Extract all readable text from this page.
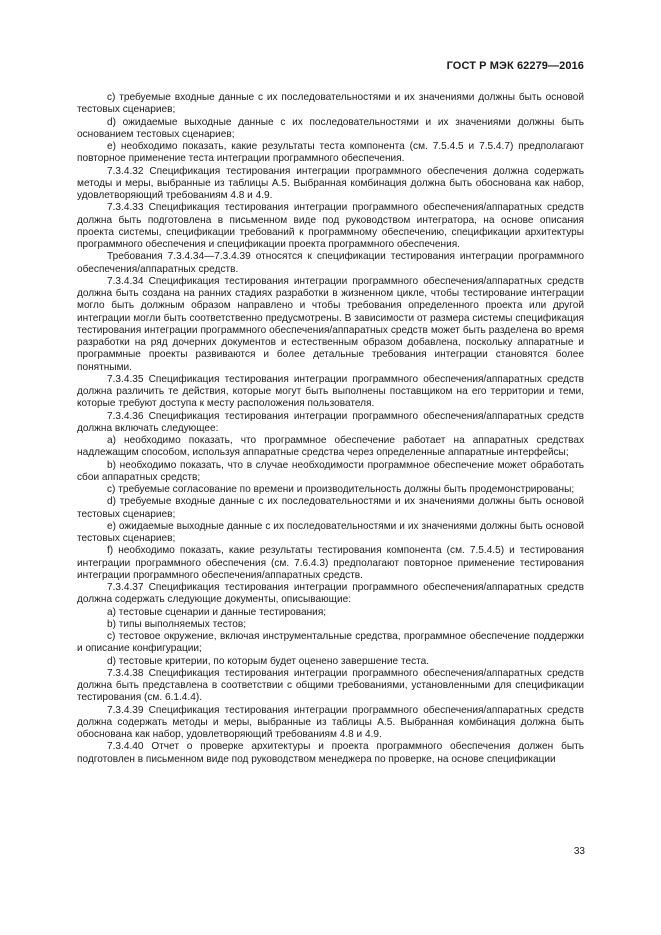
ГОСТ Р МЭК 62279—2016

c) требуемые входные данные с их последовательностями и их значениями должны быть основой тестовых сценариев;

d) ожидаемые выходные данные с их последовательностями и их значениями должны быть основанием тестовых сценариев;

e) необходимо показать, какие результаты теста компонента (см. 7.5.4.5 и 7.5.4.7) предполагают повторное применение теста интеграции программного обеспечения.

7.3.4.32 Спецификация тестирования интеграции программного обеспечения должна содержать методы и меры, выбранные из таблицы А.5. Выбранная комбинация должна быть обоснована как набор, удовлетворяющий требованиям 4.8 и 4.9.

7.3.4.33 Спецификация тестирования интеграции программного обеспечения/аппаратных средств должна быть подготовлена в письменном виде под руководством интегратора, на основе описания проекта системы, спецификации требований к программному обеспечению, спецификации архитектуры программного обеспечения и спецификации проекта программного обеспечения.

Требования 7.3.4.34—7.3.4.39 относятся к спецификации тестирования интеграции программного обеспечения/аппаратных средств.

7.3.4.34 Спецификация тестирования интеграции программного обеспечения/аппаратных средств должна быть создана на ранних стадиях разработки в жизненном цикле, чтобы тестирование интеграции могло быть должным образом направлено и чтобы требования определенного проекта или другой интеграции могли быть соответственно предусмотрены. В зависимости от размера системы спецификация тестирования интеграции программного обеспечения/аппаратных средств может быть разделена во время разработки на ряд дочерних документов и естественным образом добавлена, поскольку аппаратные и программные проекты развиваются и более детальные требования интеграции становятся более понятными.

7.3.4.35 Спецификация тестирования интеграции программного обеспечения/аппаратных средств должна различить те действия, которые могут быть выполнены поставщиком на его территории и теми, которые требуют доступа к месту расположения пользователя.

7.3.4.36 Спецификация тестирования интеграции программного обеспечения/аппаратных средств должна включать следующее:

a) необходимо показать, что программное обеспечение работает на аппаратных средствах надлежащим способом, используя аппаратные средства через определенные аппаратные интерфейсы;

b) необходимо показать, что в случае необходимости программное обеспечение может обработать сбои аппаратных средств;

c) требуемые согласование по времени и производительность должны быть продемонстрированы;

d) требуемые входные данные с их последовательностями и их значениями должны быть основой тестовых сценариев;

e) ожидаемые выходные данные с их последовательностями и их значениями должны быть основой тестовых сценариев;

f) необходимо показать, какие результаты тестирования компонента (см. 7.5.4.5) и тестирования интеграции программного обеспечения (см. 7.6.4.3) предполагают повторное применение тестирования интеграции программного обеспечения/аппаратных средств.

7.3.4.37 Спецификация тестирования интеграции программного обеспечения/аппаратных средств должна содержать следующие документы, описывающие:

a) тестовые сценарии и данные тестирования;

b) типы выполняемых тестов;

c) тестовое окружение, включая инструментальные средства, программное обеспечение поддержки и описание конфигурации;

d) тестовые критерии, по которым будет оценено завершение теста.

7.3.4.38 Спецификация тестирования интеграции программного обеспечения/аппаратных средств должна быть представлена в соответствии с общими требованиями, установленными для спецификации тестирования (см. 6.1.4.4).

7.3.4.39 Спецификация тестирования интеграции программного обеспечения/аппаратных средств должна содержать методы и меры, выбранные из таблицы А.5. Выбранная комбинация должна быть обоснована как набор, удовлетворяющий требованиям 4.8 и 4.9.

7.3.4.40 Отчет о проверке архитектуры и проекта программного обеспечения должен быть подготовлен в письменном виде под руководством менеджера по проверке, на основе спецификации

33
